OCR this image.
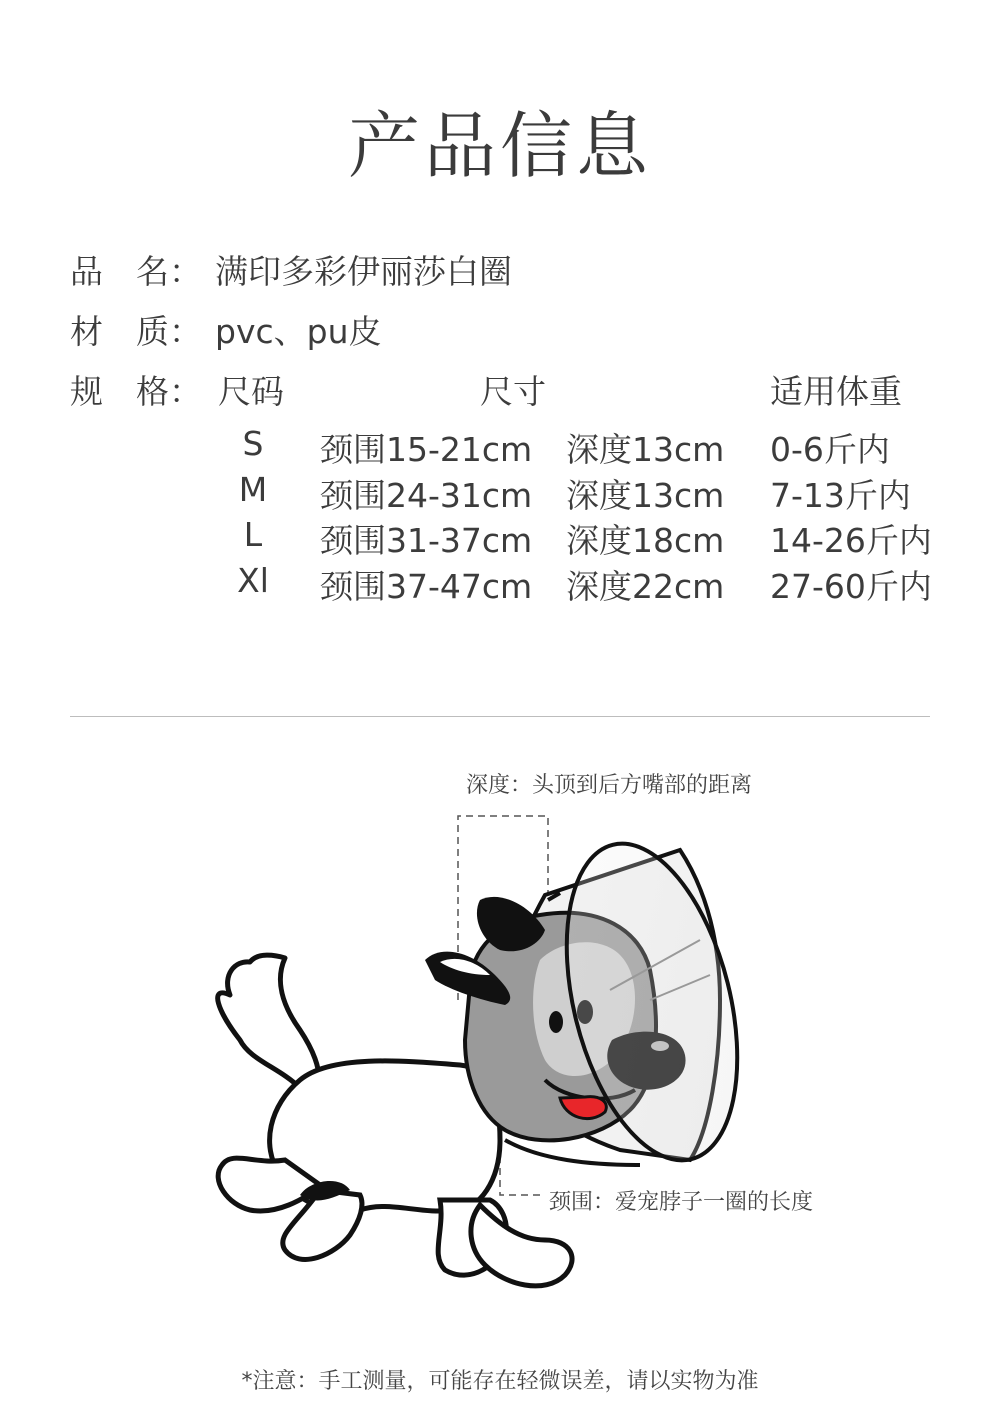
产品信息
品　名： 满印多彩伊丽莎白圈
材　质： pvc、pu皮
规　格： 尺码	尺寸	适用体重
S	颈围15-21cm 深度13cm 0-6斤内
M	颈围24-31cm 深度13cm 7-13斤内
L	颈围31-37cm 深度18cm 14-26斤内
Xl	颈围37-47cm 深度22cm 27-60斤内
深度：头顶到后方嘴部的距离
颈围：爱宠脖子一圈的长度
*注意：手工测量，可能存在轻微误差，请以实物为准
